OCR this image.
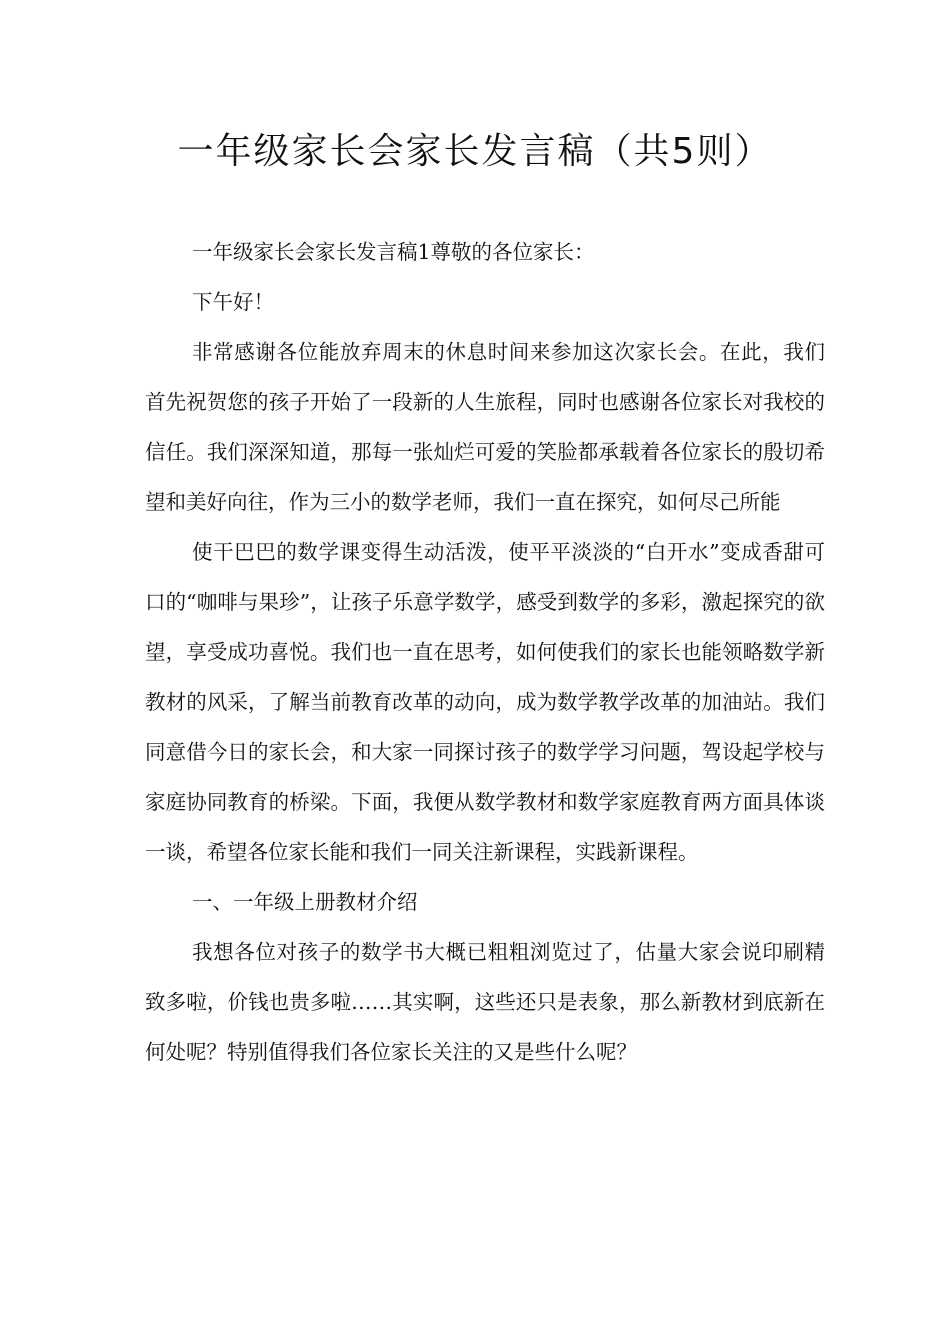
一年级家长会家长发言稿（共5则）

一年级家长会家长发言稿1尊敬的各位家长：

下午好！

非常感谢各位能放弃周末的休息时间来参加这次家长会。在此，我们首先祝贺您的孩子开始了一段新的人生旅程，同时也感谢各位家长对我校的信任。我们深深知道，那每一张灿烂可爱的笑脸都承载着各位家长的殷切希望和美好向往，作为三小的数学老师，我们一直在探究，如何尽己所能

使干巴巴的数学课变得生动活泼，使平平淡淡的“白开水”变成香甜可口的“咖啡与果珍”，让孩子乐意学数学，感受到数学的多彩，激起探究的欲望，享受成功喜悦。我们也一直在思考，如何使我们的家长也能领略数学新教材的风采，了解当前教育改革的动向，成为数学教学改革的加油站。我们同意借今日的家长会，和大家一同探讨孩子的数学学习问题，驾设起学校与家庭协同教育的桥梁。下面，我便从数学教材和数学家庭教育两方面具体谈一谈，希望各位家长能和我们一同关注新课程，实践新课程。

一、一年级上册教材介绍

我想各位对孩子的数学书大概已粗粗浏览过了，估量大家会说印刷精致多啦，价钱也贵多啦……其实啊，这些还只是表象，那么新教材到底新在何处呢？特别值得我们各位家长关注的又是些什么呢？
